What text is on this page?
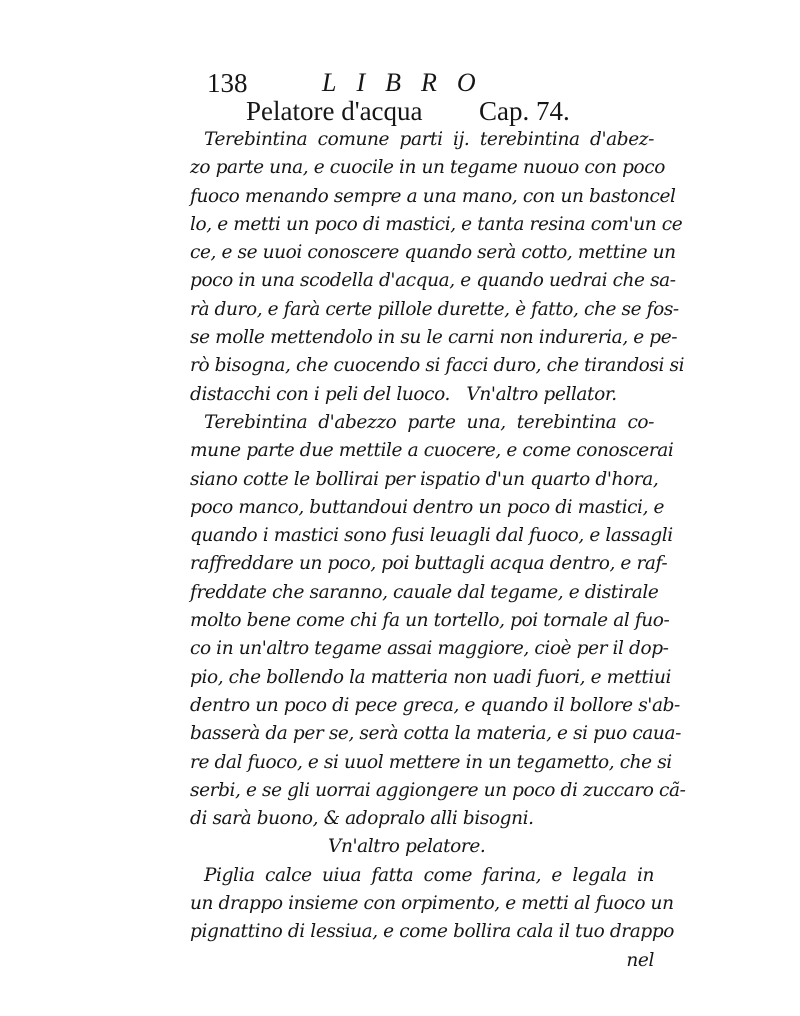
138	LIBRO
Pelatore d'acqua Cap. 74.
Terebintina comune parti ij. terebintina d'abez-
zo parte una, e cuocile in un tegame nuouo con poco
fuoco menando sempre a una mano, con un bastoncel
lo, e metti un poco di mastici, e tanta resina com'un ce
ce, e se uuoi conoscere quando serà cotto, mettine un
poco in una scodella d'acqua, e quando uedrai che sa-
rà duro, e farà certe pillole durette, è fatto, che se fos-
se molle mettendolo in su le carni non indureria, e pe-
rò bisogna, che cuocendo si facci duro, che tirandosi si
distacchi con i peli del luoco.   Vn'altro pellator.
Terebintina d'abezzo parte una, terebintina co-
mune parte due mettile a cuocere, e come conoscerai
siano cotte le bollirai per ispatio d'un quarto d'hora,
poco manco, buttandoui dentro un poco di mastici, e
quando i mastici sono fusi leuagli dal fuoco, e lassagli
raffreddare un poco, poi buttagli acqua dentro, e raf-
freddate che saranno, cauale dal tegame, e distirale
molto bene come chi fa un tortello, poi tornale al fuo-
co in un'altro tegame assai maggiore, cioè per il dop-
pio, che bollendo la matteria non uadi fuori, e mettiui
dentro un poco di pece greca, e quando il bollore s'ab-
basserà da per se, serà cotta la materia, e si puo caua-
re dal fuoco, e si uuol mettere in un tegametto, che si
serbi, e se gli uorrai aggiongere un poco di zuccaro cã-
di sarà buono, & adopralo alli bisogni.
Vn'altro pelatore.
Piglia calce uiua fatta come farina, e legala in
un drappo insieme con orpimento, e metti al fuoco un
pignattino di lessiua, e come bollira cala il tuo drappo
nel
